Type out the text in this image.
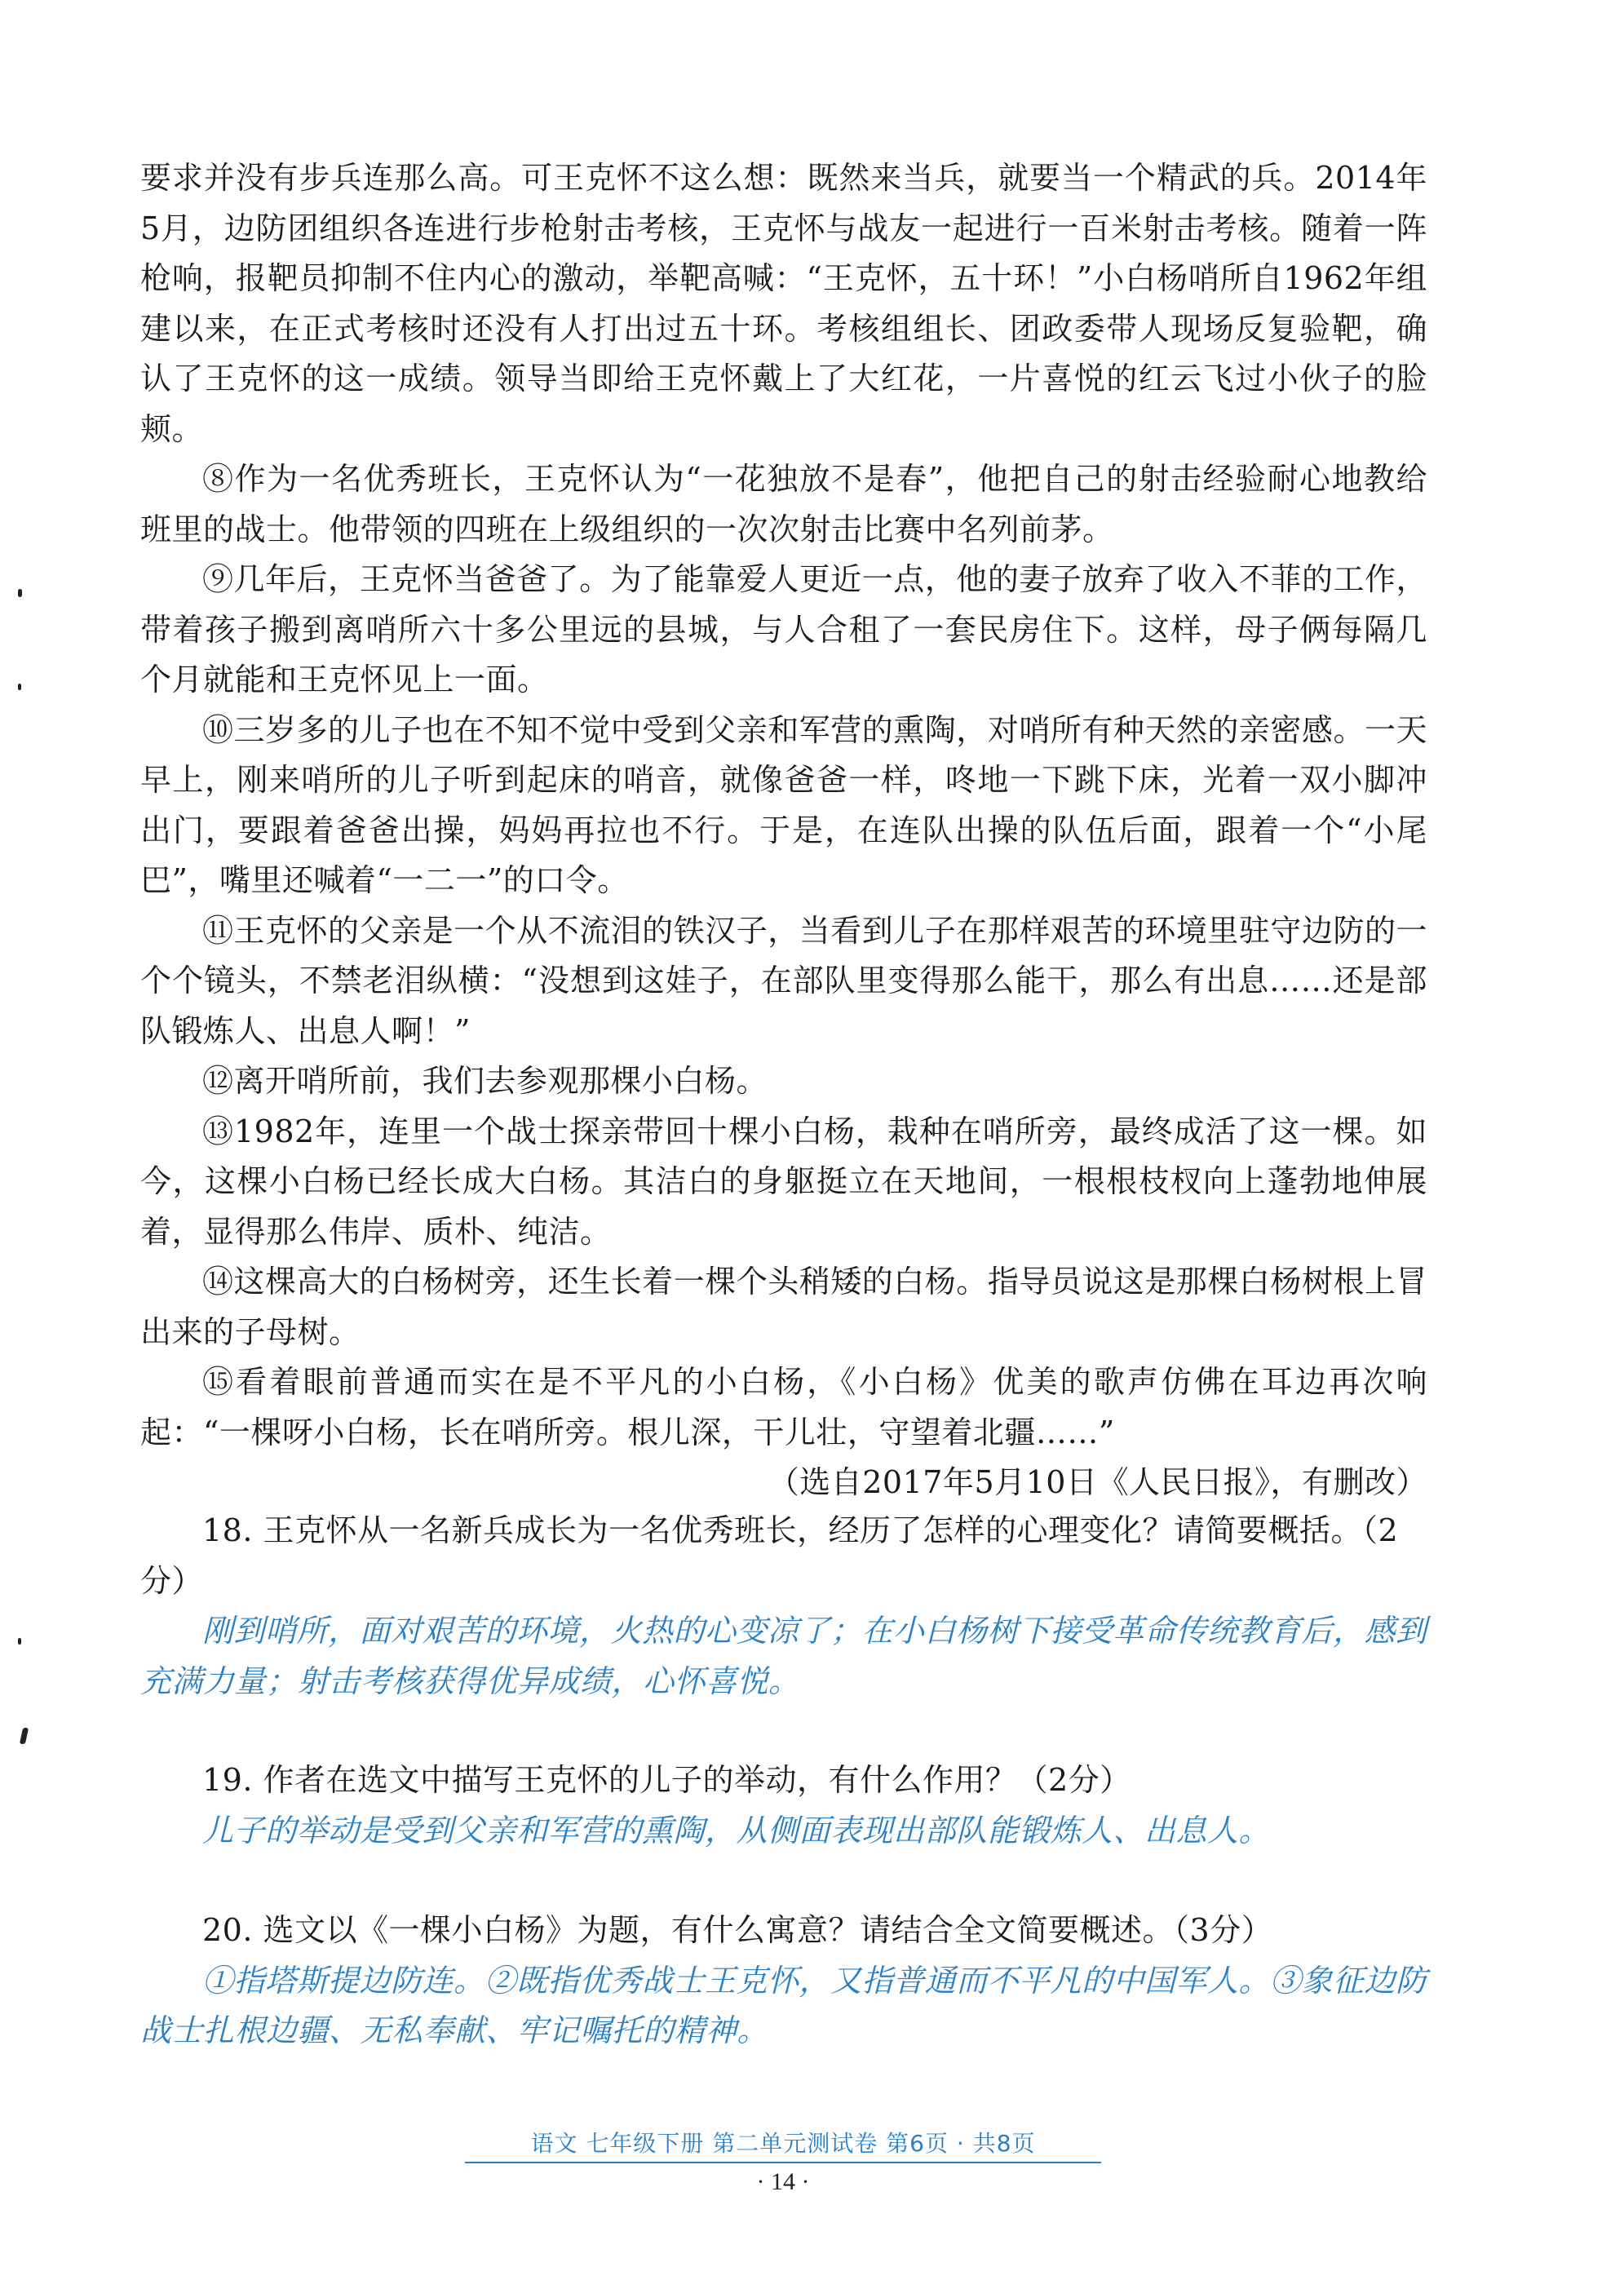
要求并没有步兵连那么高。可王克怀不这么想：既然来当兵，就要当一个精武的兵。2014年5月，边防团组织各连进行步枪射击考核，王克怀与战友一起进行一百米射击考核。随着一阵枪响，报靶员抑制不住内心的激动，举靶高喊：“王克怀，五十环！”小白杨哨所自1962年组建以来，在正式考核时还没有人打出过五十环。考核组组长、团政委带人现场反复验靶，确认了王克怀的这一成绩。领导当即给王克怀戴上了大红花，一片喜悦的红云飞过小伙子的脸颊。

⑧作为一名优秀班长，王克怀认为“一花独放不是春”，他把自己的射击经验耐心地教给班里的战士。他带领的四班在上级组织的一次次射击比赛中名列前茅。

⑨几年后，王克怀当爸爸了。为了能靠爱人更近一点，他的妻子放弃了收入不菲的工作，带着孩子搬到离哨所六十多公里远的县城，与人合租了一套民房住下。这样，母子俩每隔几个月就能和王克怀见上一面。

⑩三岁多的儿子也在不知不觉中受到父亲和军营的熏陶，对哨所有种天然的亲密感。一天早上，刚来哨所的儿子听到起床的哨音，就像爸爸一样，咚地一下跳下床，光着一双小脚冲出门，要跟着爸爸出操，妈妈再拉也不行。于是，在连队出操的队伍后面，跟着一个“小尾巴”，嘴里还喊着“一二一”的口令。

⑪王克怀的父亲是一个从不流泪的铁汉子，当看到儿子在那样艰苦的环境里驻守边防的一个个镜头，不禁老泪纵横：“没想到这娃子，在部队里变得那么能干，那么有出息……还是部队锻炼人、出息人啊！”

⑫离开哨所前，我们去参观那棵小白杨。

⑬1982年，连里一个战士探亲带回十棵小白杨，栽种在哨所旁，最终成活了这一棵。如今，这棵小白杨已经长成大白杨。其洁白的身躯挺立在天地间，一根根枝杈向上蓬勃地伸展着，显得那么伟岸、质朴、纯洁。

⑭这棵高大的白杨树旁，还生长着一棵个头稍矮的白杨。指导员说这是那棵白杨树根上冒出来的子母树。

⑮看着眼前普通而实在是不平凡的小白杨，《小白杨》优美的歌声仿佛在耳边再次响起：“一棵呀小白杨，长在哨所旁。根儿深，干儿壮，守望着北疆……”

（选自2017年5月10日《人民日报》，有删改）

18. 王克怀从一名新兵成长为一名优秀班长，经历了怎样的心理变化？请简要概括。（2分）

刚到哨所，面对艰苦的环境，火热的心变凉了；在小白杨树下接受革命传统教育后，感到充满力量；射击考核获得优异成绩，心怀喜悦。

19. 作者在选文中描写王克怀的儿子的举动，有什么作用？（2分）

儿子的举动是受到父亲和军营的熏陶，从侧面表现出部队能锻炼人、出息人。

20. 选文以《一棵小白杨》为题，有什么寓意？请结合全文简要概述。（3分）

①指塔斯提边防连。②既指优秀战士王克怀，又指普通而不平凡的中国军人。③象征边防战士扎根边疆、无私奉献、牢记嘱托的精神。

语文 七年级下册 第二单元测试卷 第6页 · 共8页
· 14 ·
